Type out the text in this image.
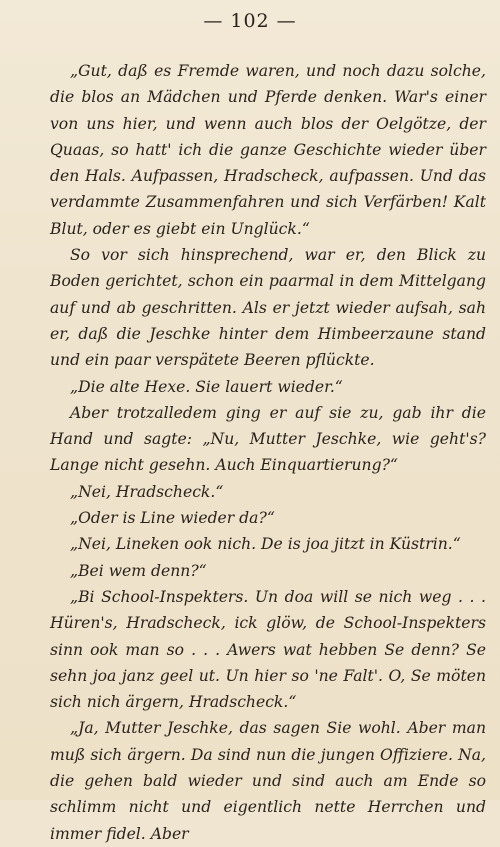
— 102 —

„Gut, daß es Fremde waren, und noch dazu solche, die blos an Mädchen und Pferde denken. War's einer von uns hier, und wenn auch blos der Oelgötze, der Quaas, so hatt' ich die ganze Geschichte wieder über den Hals. Aufpassen, Hradscheck, aufpassen. Und das verdammte Zusammenfahren und sich Verfärben! Kalt Blut, oder es giebt ein Unglück.“

So vor sich hinsprechend, war er, den Blick zu Boden gerichtet, schon ein paarmal in dem Mittelgang auf und ab geschritten. Als er jetzt wieder aufsah, sah er, daß die Jeschke hinter dem Himbeerzaune stand und ein paar verspätete Beeren pflückte.

„Die alte Hexe. Sie lauert wieder.“

Aber trotzalledem ging er auf sie zu, gab ihr die Hand und sagte: „Nu, Mutter Jeschke, wie geht's? Lange nicht gesehn. Auch Einquartierung?“

„Nei, Hradscheck.“

„Oder is Line wieder da?“

„Nei, Lineken ook nich. De is joa jitzt in Küstrin.“

„Bei wem denn?“

„Bi School-Inspekters. Un doa will se nich weg . . . Hüren's, Hradscheck, ick glöw, de School-Inspekters sinn ook man so . . . Awers wat hebben Se denn? Se sehn joa janz geel ut. Un hier so 'ne Falt'. O, Se möten sich nich ärgern, Hradscheck.“

„Ja, Mutter Jeschke, das sagen Sie wohl. Aber man muß sich ärgern. Da sind nun die jungen Offiziere. Na, die gehen bald wieder und sind auch am Ende so schlimm nicht und eigentlich nette Herrchen und immer fidel. Aber
